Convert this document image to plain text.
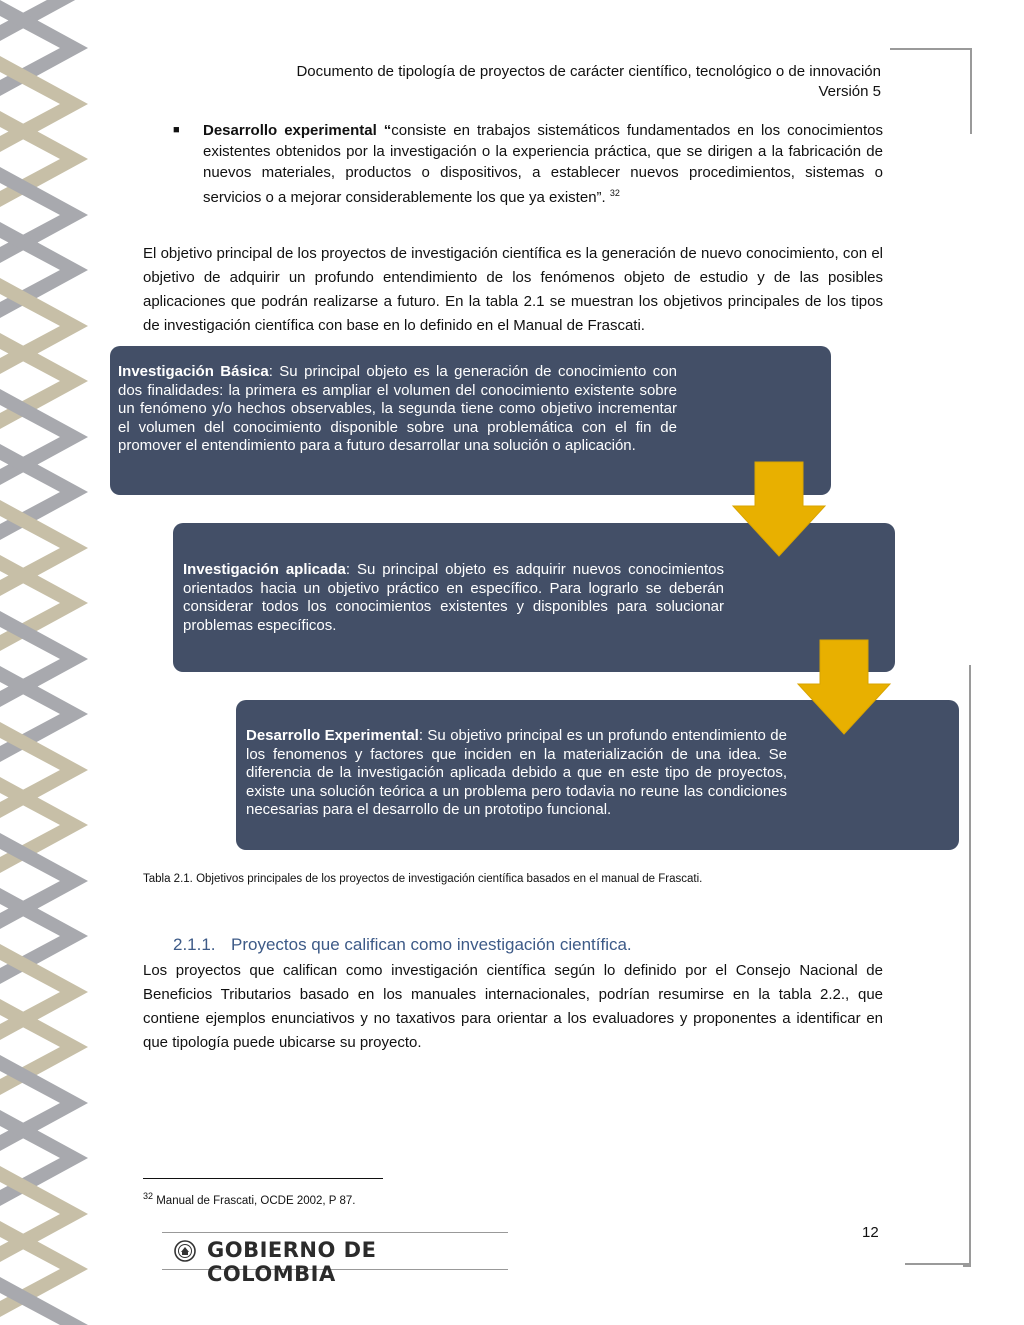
Documento de tipología de proyectos de carácter científico, tecnológico o de innovación
Versión 5
■ Desarrollo experimental “consiste en trabajos sistemáticos fundamentados en los conocimientos existentes obtenidos por la investigación o la experiencia práctica, que se dirigen a la fabricación de nuevos materiales, productos o dispositivos, a establecer nuevos procedimientos, sistemas o servicios o a mejorar considerablemente los que ya existen”. $^{32}$
El objetivo principal de los proyectos de investigación científica es la generación de nuevo conocimiento, con el objetivo de adquirir un profundo entendimiento de los fenómenos objeto de estudio y de las posibles aplicaciones que podrán realizarse a futuro. En la tabla 2.1 se muestran los objetivos principales de los tipos de investigación científica con base en lo definido en el Manual de Frascati.
Investigación Básica: Su principal objeto es la generación de conocimiento con dos finalidades: la primera es ampliar el volumen del conocimiento existente sobre un fenómeno y/o hechos observables, la segunda tiene como objetivo incrementar el volumen del conocimiento disponible sobre una problemática con el fin de promover el entendimiento para a futuro desarrollar una solución o aplicación.
Investigación aplicada: Su principal objeto es adquirir nuevos conocimientos orientados hacia un objetivo práctico en específico. Para lograrlo se deberán considerar todos los conocimientos existentes y disponibles para solucionar problemas específicos.
Desarrollo Experimental: Su objetivo principal es un profundo entendimiento de los fenomenos y factores que inciden en la materialización de una idea. Se diferencia de la investigación aplicada debido a que en este tipo de proyectos, existe una solución teórica a un problema pero todavia no reune las condiciones necesarias para el desarrollo de un prototipo funcional.
Tabla 2.1. Objetivos principales de los proyectos de investigación científica basados en el manual de Frascati.
2.1.1. Proyectos que califican como investigación científica.
Los proyectos que califican como investigación científica según lo definido por el Consejo Nacional de Beneficios Tributarios basado en los manuales internacionales, podrían resumirse en la tabla 2.2., que contiene ejemplos enunciativos y no taxativos para orientar a los evaluadores y proponentes a identificar en que tipología puede ubicarse su proyecto.
$^{32}$ Manual de Frascati, OCDE 2002, P 87.
12
GOBIERNO DE COLOMBIA
